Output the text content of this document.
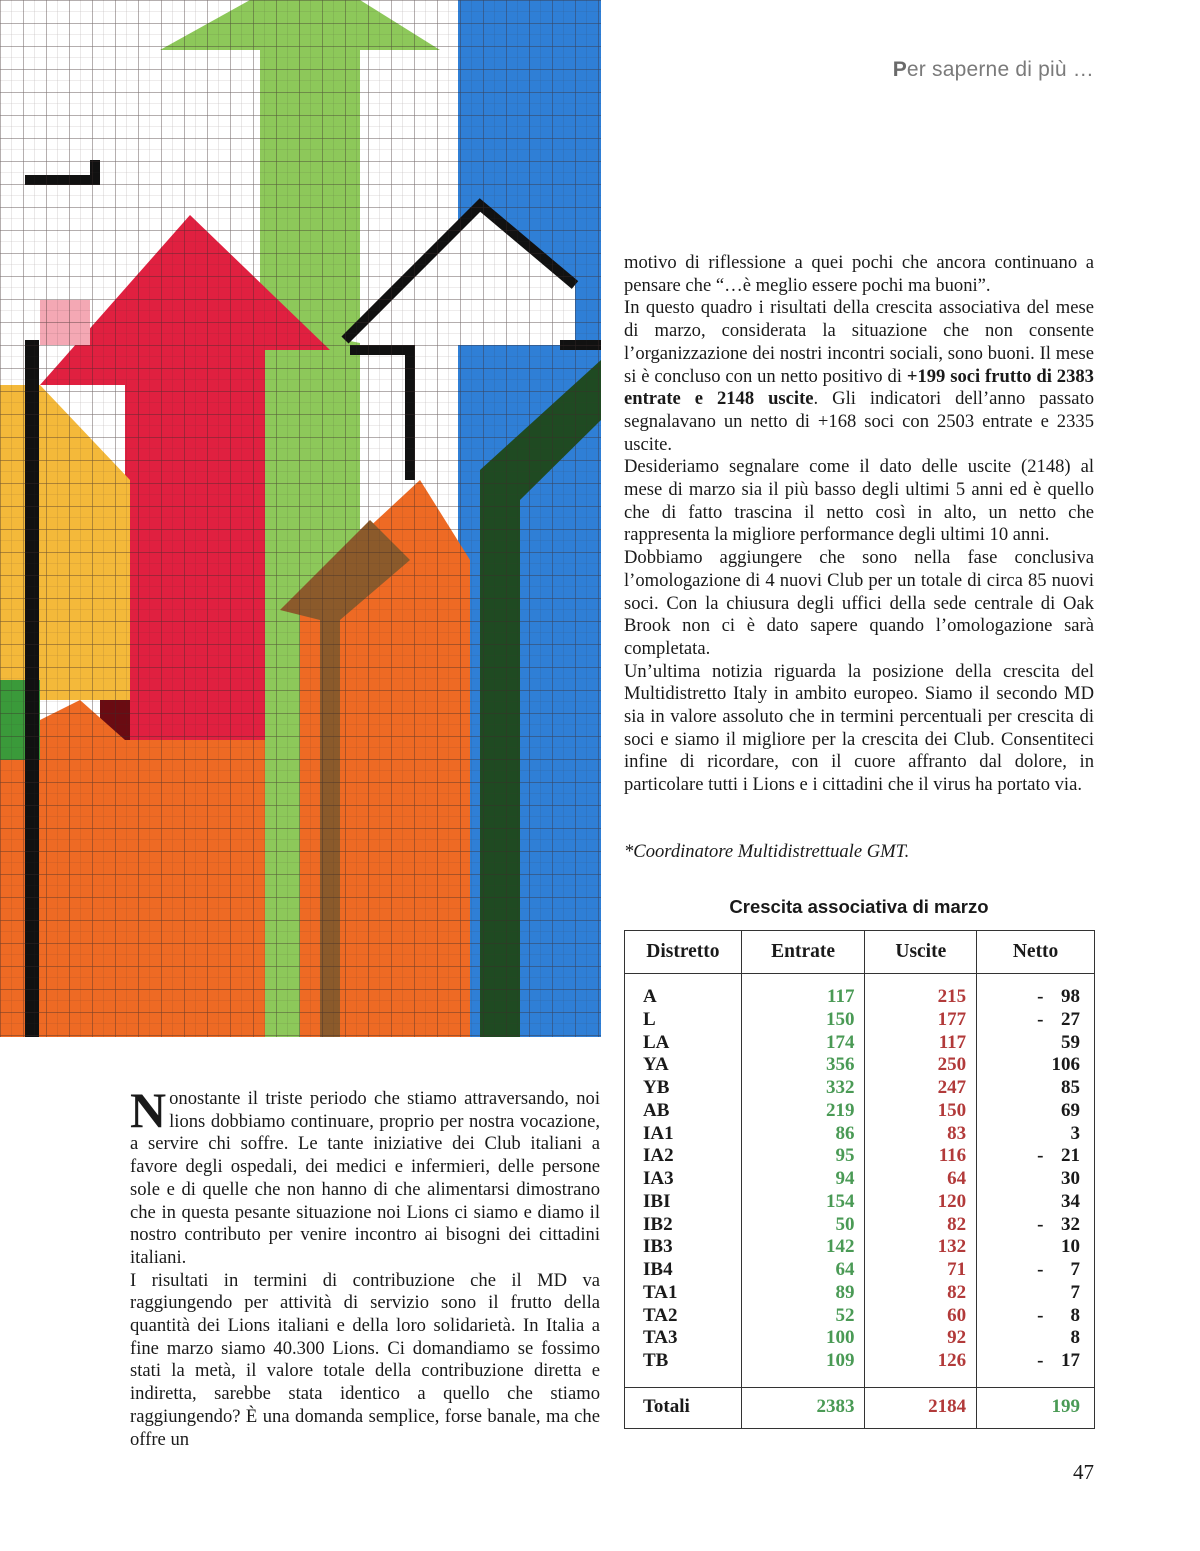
Per saperne di più …

motivo di riflessione a quei pochi che ancora continuano a pensare che “…è meglio essere pochi ma buoni”.

In questo quadro i risultati della crescita associativa del mese di marzo, considerata la situazione che non consente l’organizzazione dei nostri incontri sociali, sono buoni. Il mese si è concluso con un netto positivo di +199 soci frutto di 2383 entrate e 2148 uscite. Gli indicatori dell’anno passato segnalavano un netto di +168 soci con 2503 entrate e 2335 uscite.

Desideriamo segnalare come il dato delle uscite (2148) al mese di marzo sia il più basso degli ultimi 5 anni ed è quello che di fatto trascina il netto così in alto, un netto che rappresenta la migliore performance degli ultimi 10 anni.

Dobbiamo aggiungere che sono nella fase conclusiva l’omologazione di 4 nuovi Club per un totale di circa 85 nuovi soci. Con la chiusura degli uffici della sede centrale di Oak Brook non ci è dato sapere quando l’omologazione sarà completata.

Un’ultima notizia riguarda la posizione della crescita del Multidistretto Italy in ambito europeo. Siamo il secondo MD sia in valore assoluto che in termini percentuali per crescita di soci e siamo il migliore per la crescita dei Club. Consentiteci infine di ricordare, con il cuore affranto dal dolore, in particolare tutti i Lions e i cittadini che il virus ha portato via.

*Coordinatore Multidistrettuale GMT.

Nonostante il triste periodo che stiamo attraversando, noi lions dobbiamo continuare, proprio per nostra vocazione, a servire chi soffre. Le tante iniziative dei Club italiani a favore degli ospedali, dei medici e infermieri, delle persone sole e di quelle che non hanno di che alimentarsi dimostrano che in questa pesante situazione noi Lions ci siamo e diamo il nostro contributo per venire incontro ai bisogni dei cittadini italiani.

I risultati in termini di contribuzione che il MD va raggiungendo per attività di servizio sono il frutto della quantità dei Lions italiani e della loro solidarietà. In Italia a fine marzo siamo 40.300 Lions. Ci domandiamo se fossimo stati la metà, il valore totale della contribuzione diretta e indiretta, sarebbe stata identico a quello che stiamo raggiungendo? È una domanda semplice, forse banale, ma che offre un

Crescita associativa di marzo
Distretto	Entrate	Uscite	Netto
A	117	215	- 98
L	150	177	- 27
LA	174	117	59
YA	356	250	106
YB	332	247	85
AB	219	150	69
IA1	86	83	3
IA2	95	116	- 21
IA3	94	64	30
IBI	154	120	34
IB2	50	82	- 32
IB3	142	132	10
IB4	64	71	- 7
TA1	89	82	7
TA2	52	60	- 8
TA3	100	92	8
TB	109	126	- 17
Totali	2383	2184	199
47
